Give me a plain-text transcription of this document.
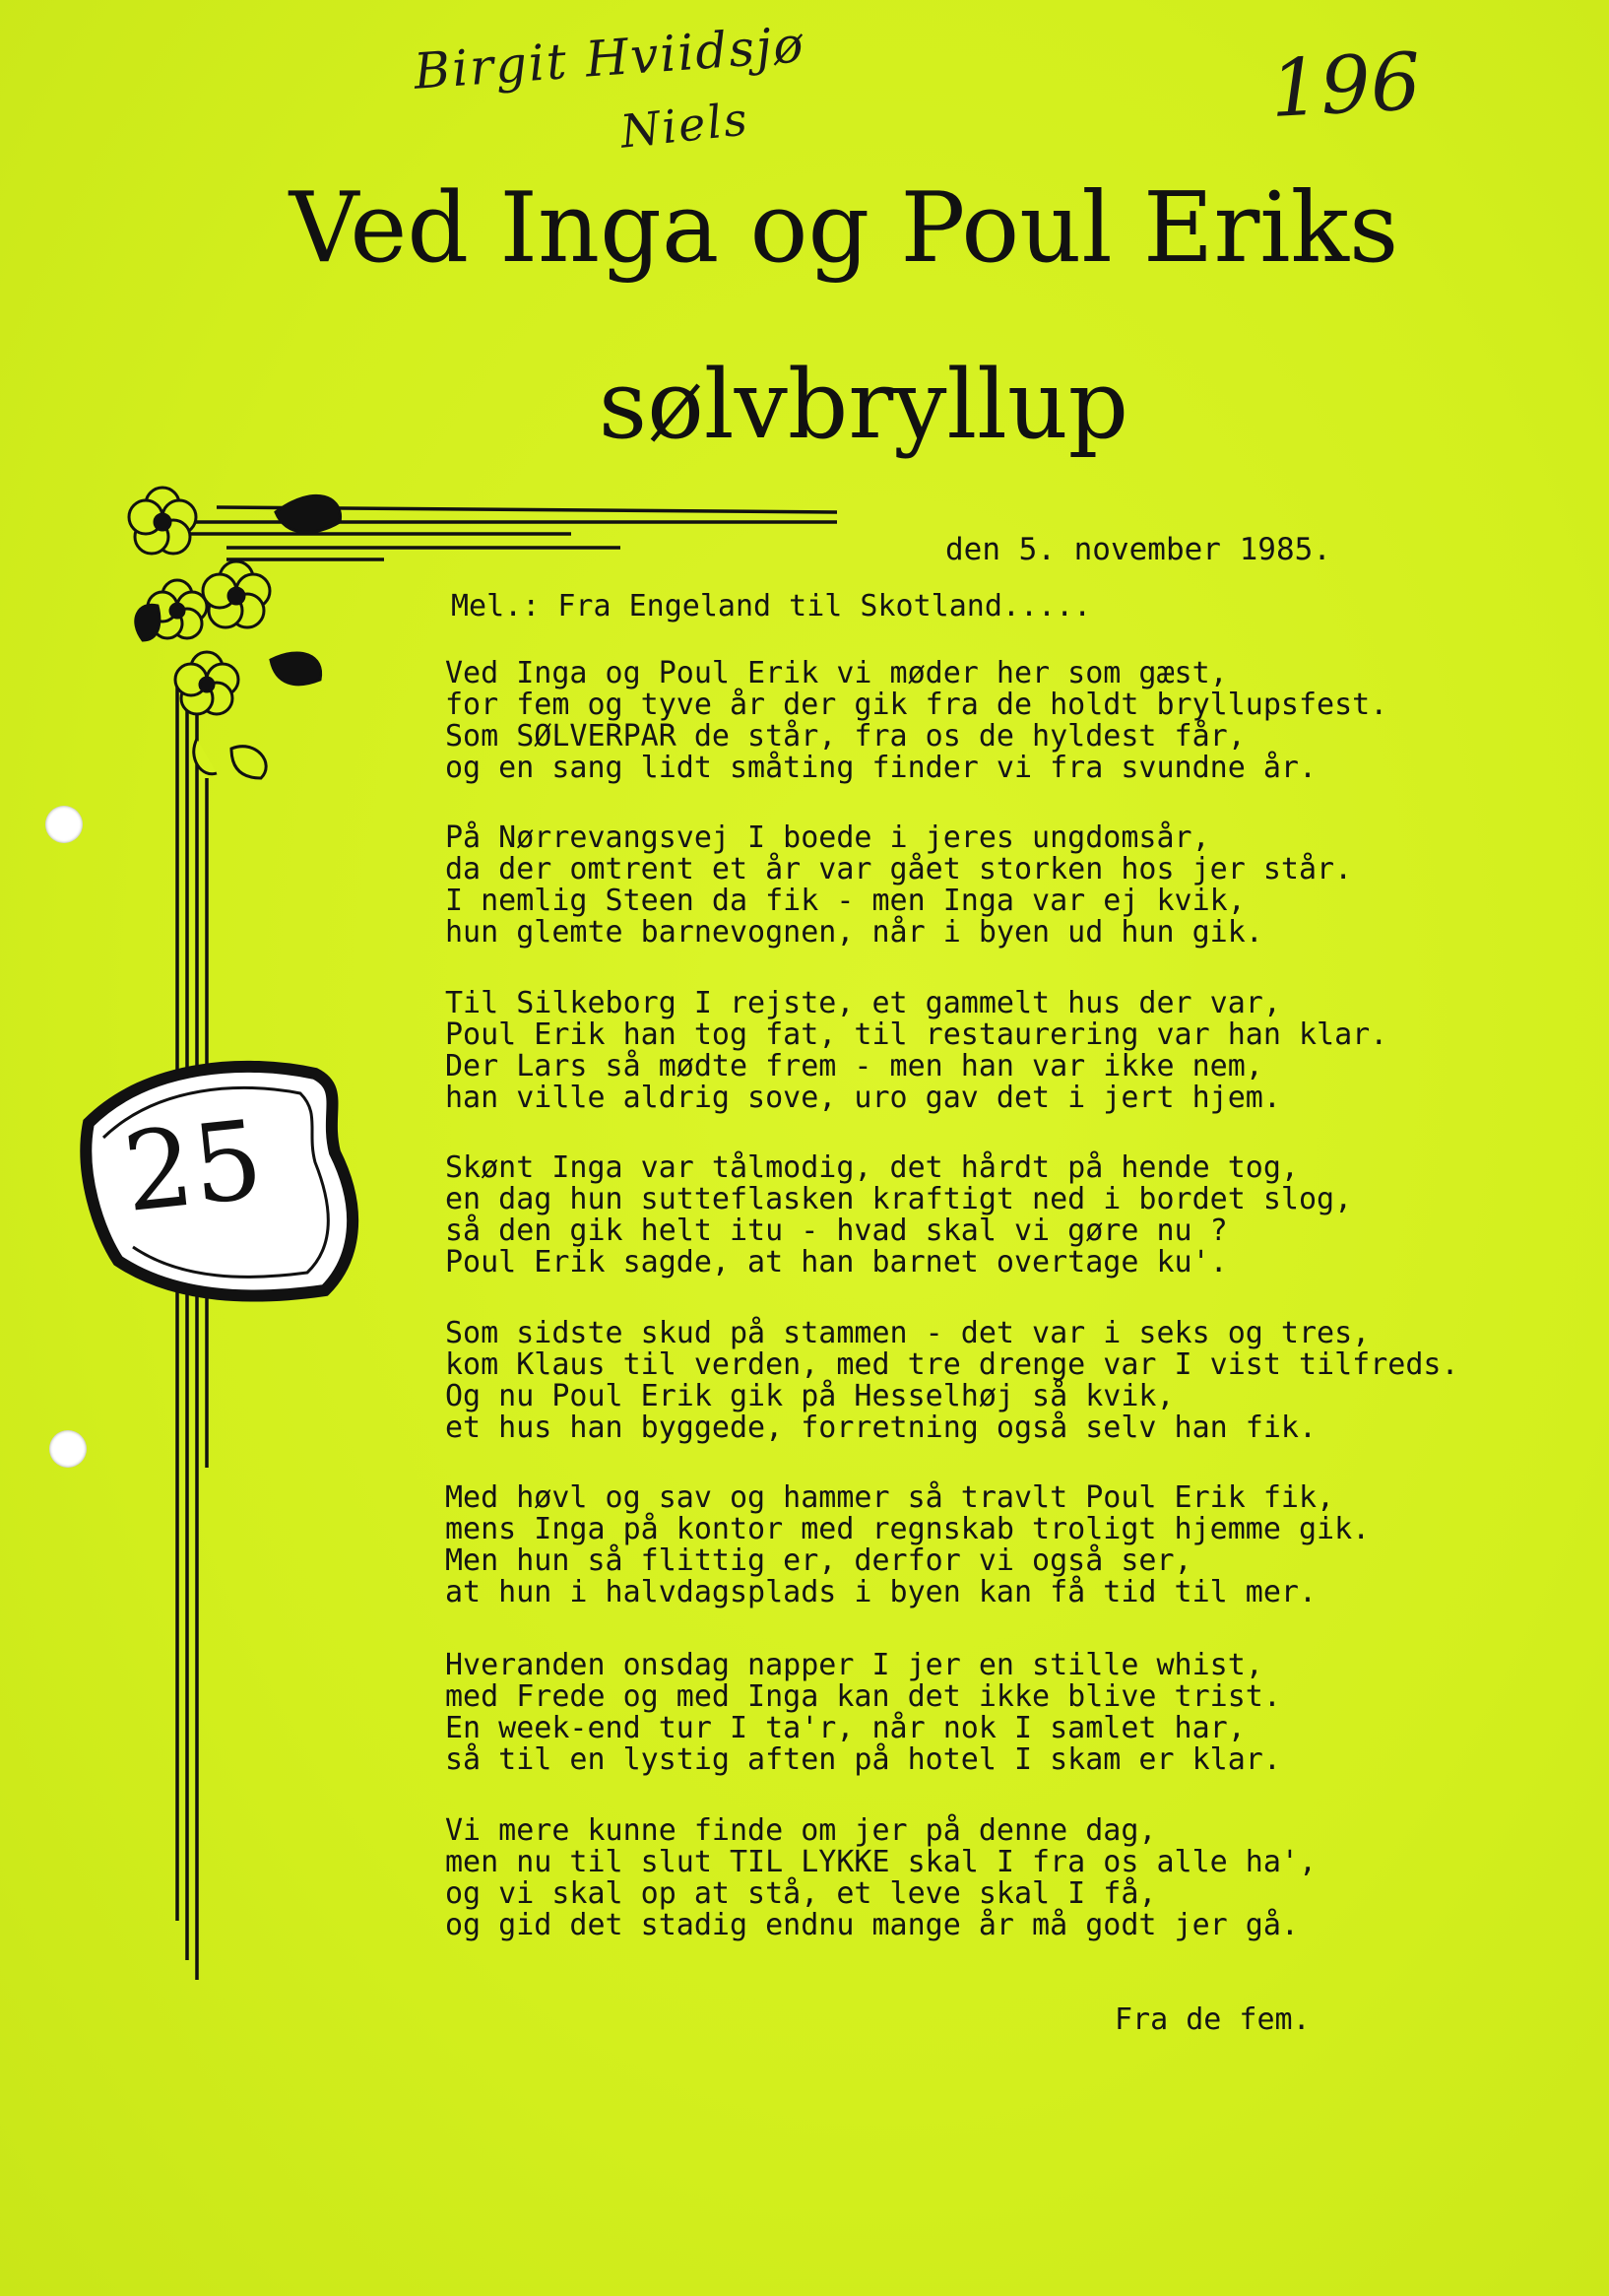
Birgit Hviidsjø
Niels	196
Ved Inga og Poul Eriks
sølvbryllup
25
den 5. november 1985.
Mel.: Fra Engeland til Skotland.....
Ved Inga og Poul Erik vi møder her som gæst,
for fem og tyve år der gik fra de holdt bryllupsfest.
Som SØLVERPAR de står, fra os de hyldest får,
og en sang lidt småting finder vi fra svundne år.
På Nørrevangsvej I boede i jeres ungdomsår,
da der omtrent et år var gået storken hos jer står.
I nemlig Steen da fik - men Inga var ej kvik,
hun glemte barnevognen, når i byen ud hun gik.
Til Silkeborg I rejste, et gammelt hus der var,
Poul Erik han tog fat, til restaurering var han klar.
Der Lars så mødte frem - men han var ikke nem,
han ville aldrig sove, uro gav det i jert hjem.
Skønt Inga var tålmodig, det hårdt på hende tog,
en dag hun sutteflasken kraftigt ned i bordet slog,
så den gik helt itu - hvad skal vi gøre nu ?
Poul Erik sagde, at han barnet overtage ku'.
Som sidste skud på stammen - det var i seks og tres,
kom Klaus til verden, med tre drenge var I vist tilfreds.
Og nu Poul Erik gik på Hesselhøj så kvik,
et hus han byggede, forretning også selv han fik.
Med høvl og sav og hammer så travlt Poul Erik fik,
mens Inga på kontor med regnskab troligt hjemme gik.
Men hun så flittig er, derfor vi også ser,
at hun i halvdagsplads i byen kan få tid til mer.
Hveranden onsdag napper I jer en stille whist,
med Frede og med Inga kan det ikke blive trist.
En week-end tur I ta'r, når nok I samlet har,
så til en lystig aften på hotel I skam er klar.
Vi mere kunne finde om jer på denne dag,
men nu til slut TIL LYKKE skal I fra os alle ha',
og vi skal op at stå, et leve skal I få,
og gid det stadig endnu mange år må godt jer gå.
Fra de fem.
